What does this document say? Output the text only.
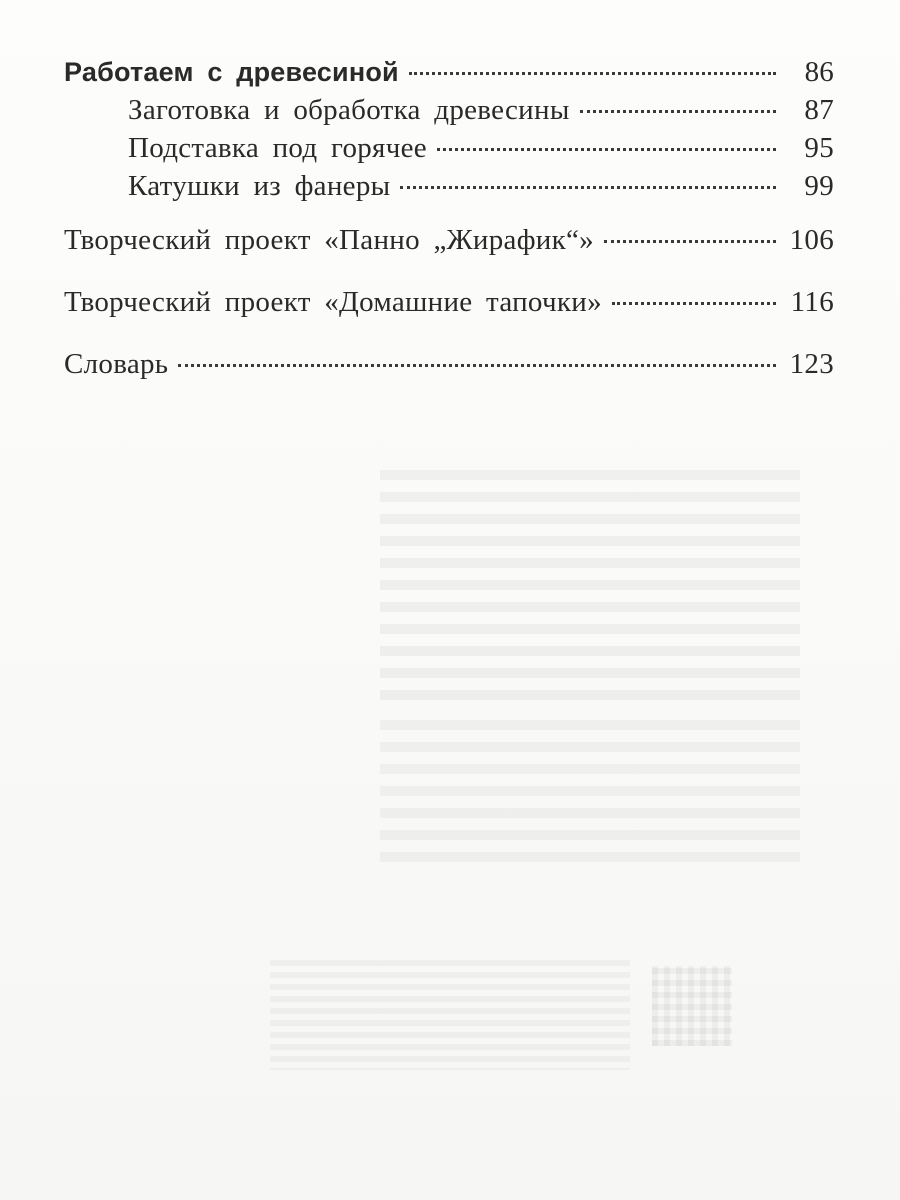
Работаем с древесиной	86
Заготовка и обработка древесины	87
Подставка под горячее	95
Катушки из фанеры	99
Творческий проект «Панно „Жирафик“»	106
Творческий проект «Домашние тапочки»	116
Словарь	123
